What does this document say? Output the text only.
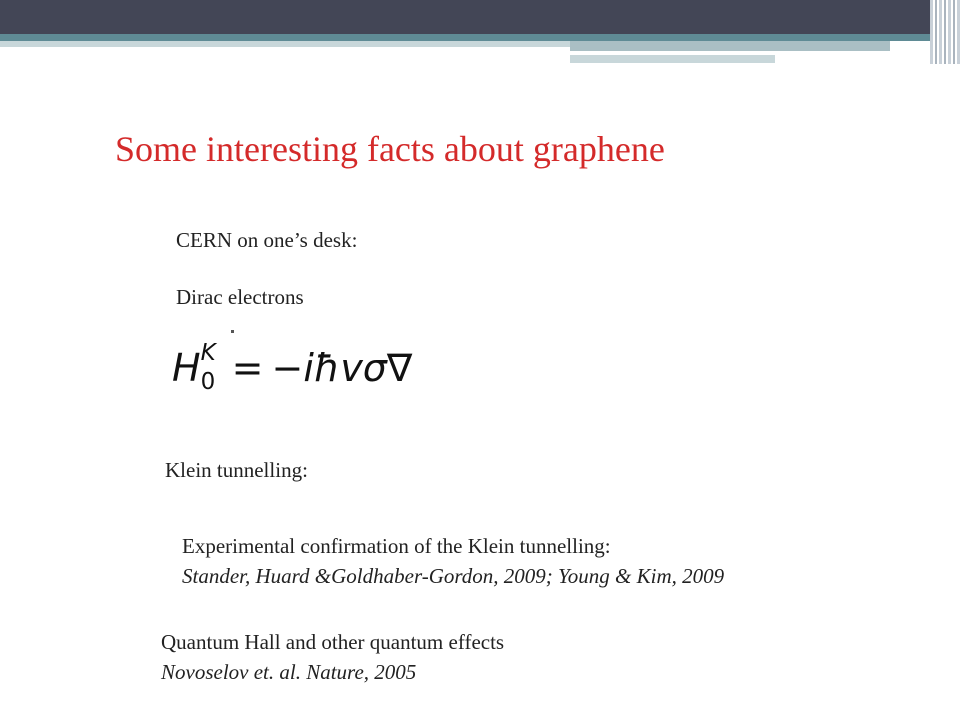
Some interesting facts about graphene
CERN on one’s desk:
Dirac electrons
H K
0 = −iħvσ∇
Klein tunnelling:
Experimental confirmation of the Klein tunnelling:
Stander, Huard &Goldhaber-Gordon, 2009; Young & Kim, 2009
Quantum Hall and other quantum effects
Novoselov et. al. Nature, 2005
